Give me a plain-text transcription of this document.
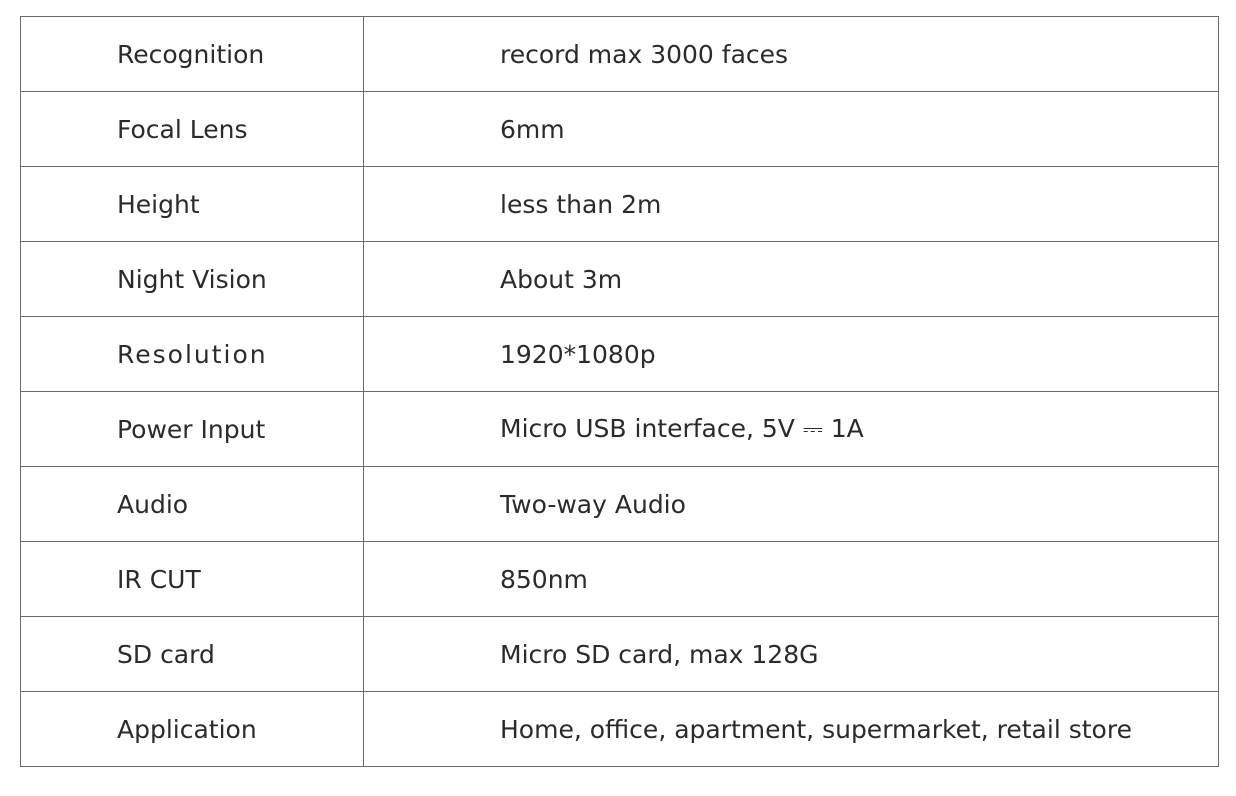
Recognition	record max 3000 faces
Focal Lens	6mm
Height	less than 2m
Night Vision	About 3m
Resolution	1920*1080p
Power Input	Micro USB interface, 5V ⎓ 1A
Audio	Two-way Audio
IR CUT	850nm
SD card	Micro SD card, max 128G
Application	Home, office, apartment, supermarket, retail store
